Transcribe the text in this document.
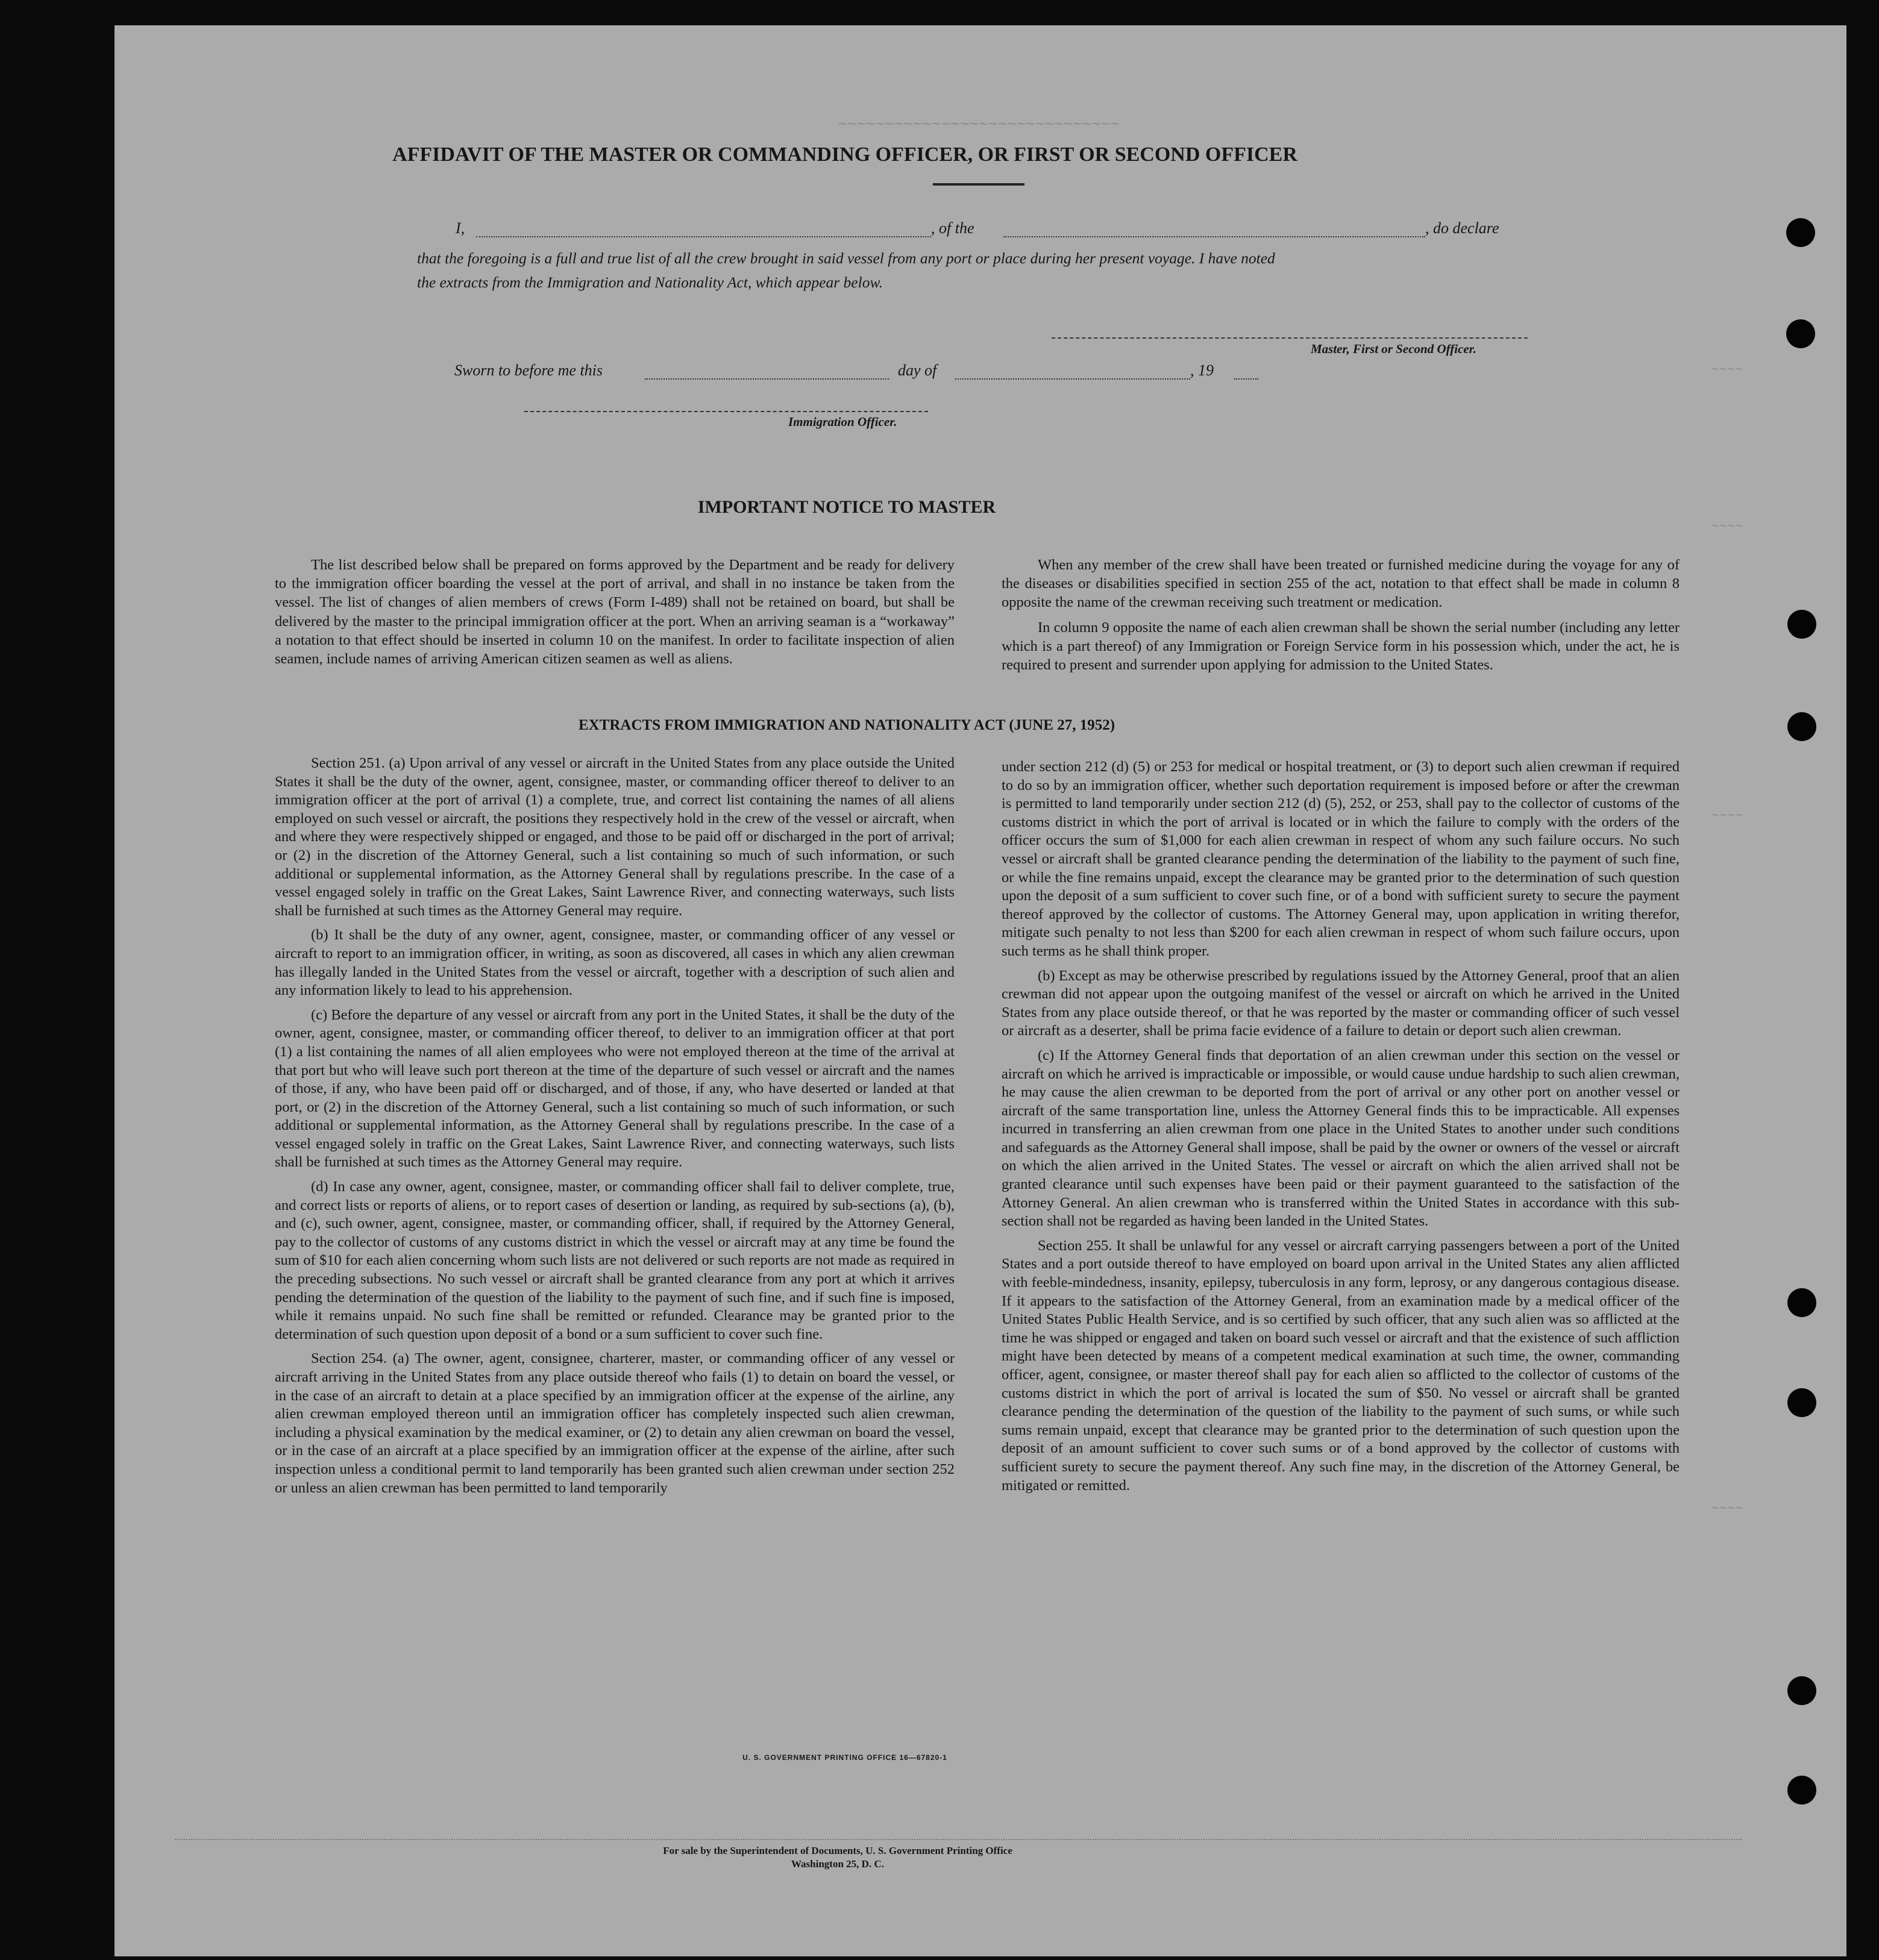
~~~~~~~~~~~~~~~~~~~~~~~~~~~~~~
~~~~
~~~~
~~~~
~~~~
AFFIDAVIT OF THE MASTER OR COMMANDING OFFICER, OR FIRST OR SECOND OFFICER
I,	, of the	, do declare
that the foregoing is a full and true list of all the crew brought in said vessel from any port or place during her present voyage. I have noted
the extracts from the Immigration and Nationality Act, which appear below.
Master, First or Second Officer.
Sworn to before me this	day of	, 19
Immigration Officer.
IMPORTANT NOTICE TO MASTER

The list described below shall be prepared on forms approved by the Department and be ready for delivery to the immigration officer boarding the vessel at the port of arrival, and shall in no instance be taken from the vessel. The list of changes of alien members of crews (Form I-489) shall not be retained on board, but shall be delivered by the master to the principal immigration officer at the port. When an arriving seaman is a “workaway” a notation to that effect should be inserted in column 10 on the manifest. In order to facilitate inspection of alien seamen, include names of arriving American citizen seamen as well as aliens.

When any member of the crew shall have been treated or furnished medicine during the voyage for any of the diseases or disabilities specified in section 255 of the act, notation to that effect shall be made in column 8 opposite the name of the crewman receiving such treatment or medication.

In column 9 opposite the name of each alien crewman shall be shown the serial number (including any letter which is a part thereof) of any Immigration or Foreign Service form in his possession which, under the act, he is required to present and surrender upon applying for admission to the United States.

EXTRACTS FROM IMMIGRATION AND NATIONALITY ACT (JUNE 27, 1952)

Section 251. (a) Upon arrival of any vessel or aircraft in the United States from any place outside the United States it shall be the duty of the owner, agent, consignee, master, or commanding officer thereof to deliver to an immigration officer at the port of arrival (1) a complete, true, and correct list containing the names of all aliens employed on such vessel or aircraft, the positions they respectively hold in the crew of the vessel or aircraft, when and where they were respectively shipped or engaged, and those to be paid off or discharged in the port of arrival; or (2) in the discretion of the Attorney General, such a list containing so much of such information, or such additional or supplemental information, as the Attorney General shall by regulations prescribe. In the case of a vessel engaged solely in traffic on the Great Lakes, Saint Lawrence River, and connecting waterways, such lists shall be furnished at such times as the Attorney General may require.

(b) It shall be the duty of any owner, agent, consignee, master, or commanding officer of any vessel or aircraft to report to an immigration officer, in writing, as soon as discovered, all cases in which any alien crewman has illegally landed in the United States from the vessel or aircraft, together with a description of such alien and any information likely to lead to his apprehension.

(c) Before the departure of any vessel or aircraft from any port in the United States, it shall be the duty of the owner, agent, consignee, master, or commanding officer thereof, to deliver to an immigration officer at that port (1) a list containing the names of all alien employees who were not employed thereon at the time of the arrival at that port but who will leave such port thereon at the time of the departure of such vessel or aircraft and the names of those, if any, who have been paid off or discharged, and of those, if any, who have deserted or landed at that port, or (2) in the discretion of the Attorney General, such a list containing so much of such information, or such additional or supplemental information, as the Attorney General shall by regulations prescribe. In the case of a vessel engaged solely in traffic on the Great Lakes, Saint Lawrence River, and connecting waterways, such lists shall be furnished at such times as the Attorney General may require.

(d) In case any owner, agent, consignee, master, or commanding officer shall fail to deliver complete, true, and correct lists or reports of aliens, or to report cases of desertion or landing, as required by sub-sections (a), (b), and (c), such owner, agent, consignee, master, or commanding officer, shall, if required by the Attorney General, pay to the collector of customs of any customs district in which the vessel or aircraft may at any time be found the sum of $10 for each alien concerning whom such lists are not delivered or such reports are not made as required in the preceding subsections. No such vessel or aircraft shall be granted clearance from any port at which it arrives pending the determination of the question of the liability to the payment of such fine, and if such fine is imposed, while it remains unpaid. No such fine shall be remitted or refunded. Clearance may be granted prior to the determination of such question upon deposit of a bond or a sum sufficient to cover such fine.

Section 254. (a) The owner, agent, consignee, charterer, master, or commanding officer of any vessel or aircraft arriving in the United States from any place outside thereof who fails (1) to detain on board the vessel, or in the case of an aircraft to detain at a place specified by an immigration officer at the expense of the airline, any alien crewman employed thereon until an immigration officer has completely inspected such alien crewman, including a physical examination by the medical examiner, or (2) to detain any alien crewman on board the vessel, or in the case of an aircraft at a place specified by an immigration officer at the expense of the airline, after such inspection unless a conditional permit to land temporarily has been granted such alien crewman under section 252 or unless an alien crewman has been permitted to land temporarily

under section 212 (d) (5) or 253 for medical or hospital treatment, or (3) to deport such alien crewman if required to do so by an immigration officer, whether such deportation requirement is imposed before or after the crewman is permitted to land temporarily under section 212 (d) (5), 252, or 253, shall pay to the collector of customs of the customs district in which the port of arrival is located or in which the failure to comply with the orders of the officer occurs the sum of $1,000 for each alien crewman in respect of whom any such failure occurs. No such vessel or aircraft shall be granted clearance pending the determination of the liability to the payment of such fine, or while the fine remains unpaid, except the clearance may be granted prior to the determination of such question upon the deposit of a sum sufficient to cover such fine, or of a bond with sufficient surety to secure the payment thereof approved by the collector of customs. The Attorney General may, upon application in writing therefor, mitigate such penalty to not less than $200 for each alien crewman in respect of whom such failure occurs, upon such terms as he shall think proper.

(b) Except as may be otherwise prescribed by regulations issued by the Attorney General, proof that an alien crewman did not appear upon the outgoing manifest of the vessel or aircraft on which he arrived in the United States from any place outside thereof, or that he was reported by the master or commanding officer of such vessel or aircraft as a deserter, shall be prima facie evidence of a failure to detain or deport such alien crewman.

(c) If the Attorney General finds that deportation of an alien crewman under this section on the vessel or aircraft on which he arrived is impracticable or impossible, or would cause undue hardship to such alien crewman, he may cause the alien crewman to be deported from the port of arrival or any other port on another vessel or aircraft of the same transportation line, unless the Attorney General finds this to be impracticable. All expenses incurred in transferring an alien crewman from one place in the United States to another under such conditions and safeguards as the Attorney General shall impose, shall be paid by the owner or owners of the vessel or aircraft on which the alien arrived in the United States. The vessel or aircraft on which the alien arrived shall not be granted clearance until such expenses have been paid or their payment guaranteed to the satisfaction of the Attorney General. An alien crewman who is transferred within the United States in accordance with this sub-section shall not be regarded as having been landed in the United States.

Section 255. It shall be unlawful for any vessel or aircraft carrying passengers between a port of the United States and a port outside thereof to have employed on board upon arrival in the United States any alien afflicted with feeble-mindedness, insanity, epilepsy, tuberculosis in any form, leprosy, or any dangerous contagious disease. If it appears to the satisfaction of the Attorney General, from an examination made by a medical officer of the United States Public Health Service, and is so certified by such officer, that any such alien was so afflicted at the time he was shipped or engaged and taken on board such vessel or aircraft and that the existence of such affliction might have been detected by means of a competent medical examination at such time, the owner, commanding officer, agent, consignee, or master thereof shall pay for each alien so afflicted to the collector of customs of the customs district in which the port of arrival is located the sum of $50. No vessel or aircraft shall be granted clearance pending the determination of the question of the liability to the payment of such sums, or while such sums remain unpaid, except that clearance may be granted prior to the determination of such question upon the deposit of an amount sufficient to cover such sums or of a bond approved by the collector of customs with sufficient surety to secure the payment thereof. Any such fine may, in the discretion of the Attorney General, be mitigated or remitted.

U. S. GOVERNMENT PRINTING OFFICE 16—67820-1
For sale by the Superintendent of Documents, U. S. Government Printing Office
Washington 25, D. C.
